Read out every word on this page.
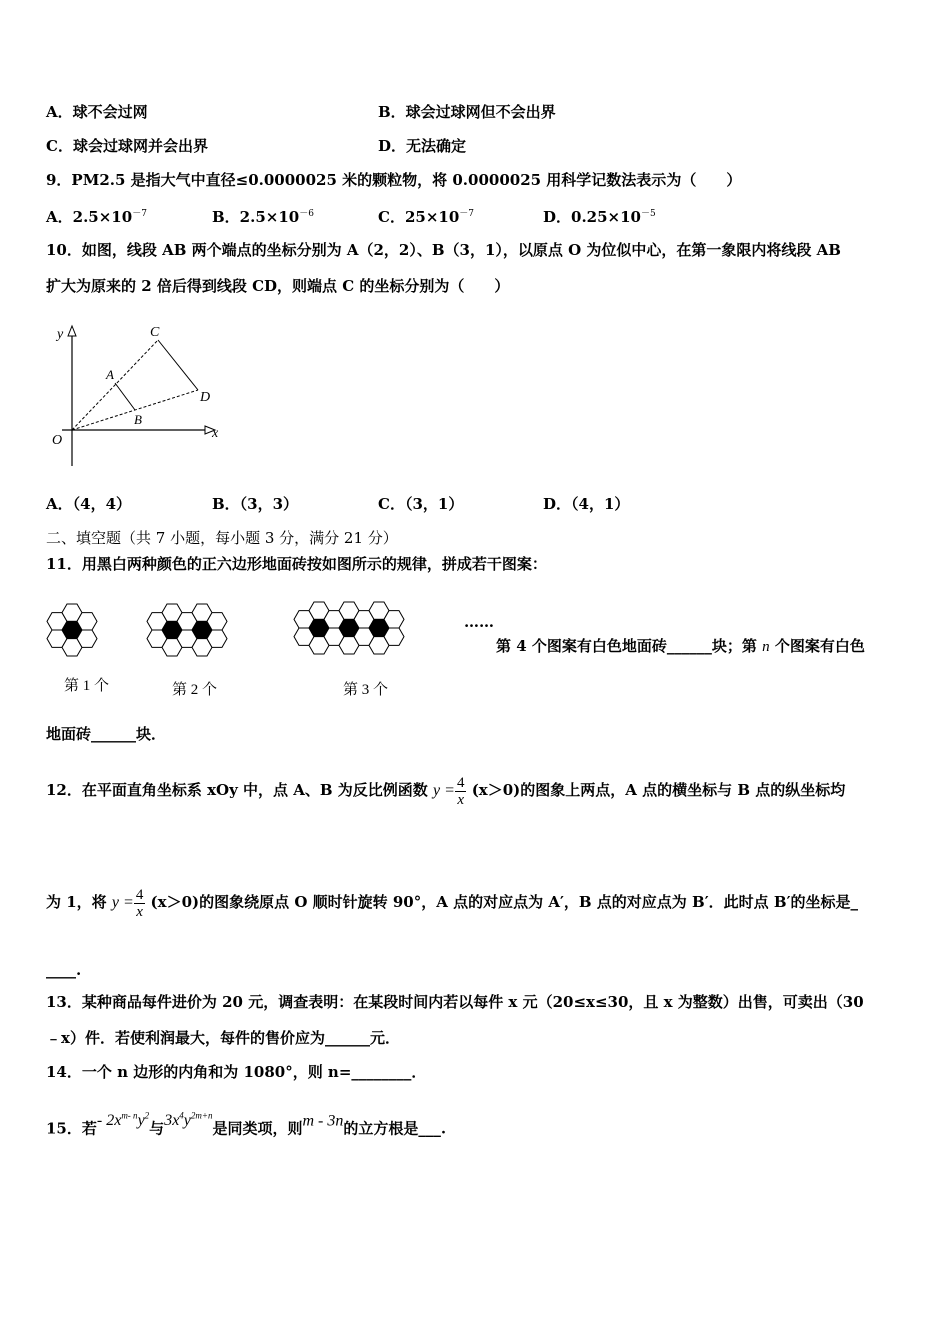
A．球不会过网	B．球会过球网但不会出界
C．球会过球网并会出界	D．无法确定
9．PM2.5 是指大气中直径≤0.0000025 米的颗粒物，将 0.0000025 用科学记数法表示为（　　）
A．$2.5\times 10^{-7}$	B．$2.5\times 10^{-6}$	C．$25\times 10^{-7}$	D．$0.25\times 10^{-5}$
10．如图，线段 AB 两个端点的坐标分别为 A（2，2）、B（3，1），以原点 O 为位似中心，在第一象限内将线段 AB
扩大为原来的 2 倍后得到线段 CD，则端点 C 的坐标分别为（　　）
y
x
O
A
B
C
D
A．（4，4）	B．（3，3）	C．（3，1）	D．（4，1）
二、填空题（共 7 小题，每小题 3 分，满分 21 分）
11．用黑白两种颜色的正六边形地面砖按如图所示的规律，拼成若干图案：
第 1 个	第 2 个	第 3 个
……
第 4 个图案有白色地面砖______块；第 n 个图案有白色
地面砖______块．
12．在平面直角坐标系 xOy 中，点 A、B 为反比例函数 $y = \frac{4}{x} (x>0)$的图象上两点，A 点的横坐标与 B 点的纵坐标均
为 1，将 $y = \frac{4}{x} (x>0)$的图象绕原点 O 顺时针旋转 90°，A 点的对应点为 A′，B 点的对应点为 B′．此时点 B′的坐标是_
____.
13．某种商品每件进价为 20 元，调查表明：在某段时间内若以每件 x 元（20≤x≤30，且 x 为整数）出售，可卖出（30
﹣x）件．若使利润最大，每件的售价应为______元．
14．一个 n 边形的内角和为 1080°，则 n=________．
15．若- $2x^{m- n}y^2$与$3x^4y^{2m+n}$是同类项，则m - 3n的立方根是___.
